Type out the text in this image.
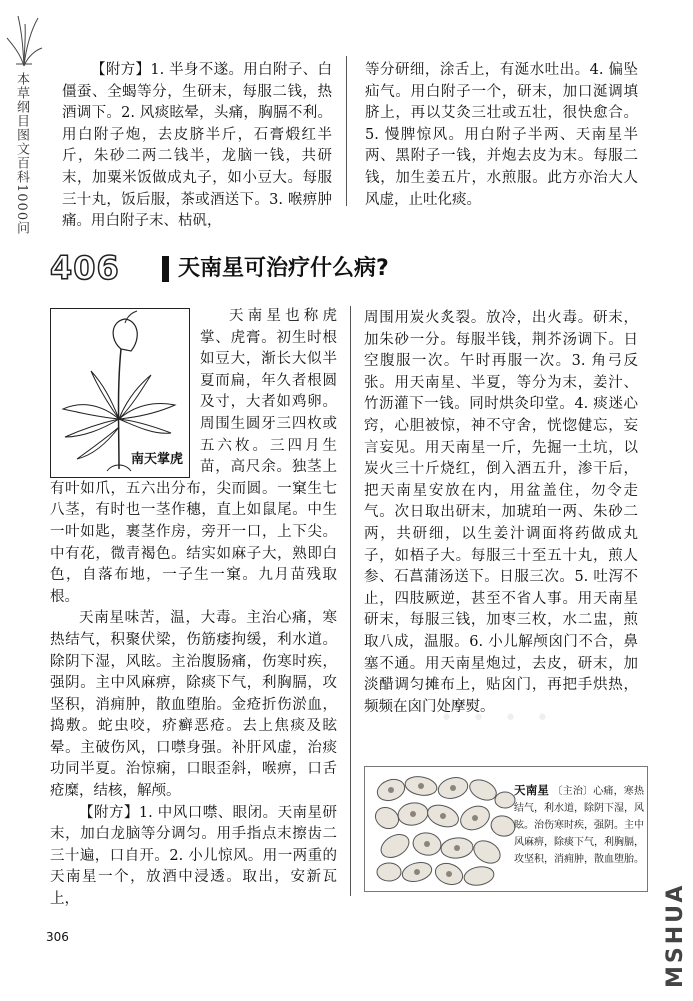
本草纲目图文百科1000问

【附方】1. 半身不遂。用白附子、白僵蚕、全蝎等分，生研末，每服二钱，热酒调下。2. 风痰眩晕，头痛，胸膈不利。用白附子炮，去皮脐半斤，石膏煅红半斤，朱砂二两二钱半，龙脑一钱，共研末，加粟米饭做成丸子，如小豆大。每服三十丸，饭后服，茶或酒送下。3. 喉痹肿痛。用白附子末、枯矾，

等分研细，涂舌上，有涎水吐出。4. 偏坠疝气。用白附子一个，研末，加口涎调填脐上，再以艾灸三壮或五壮，很快愈合。5. 慢脾惊风。用白附子半两、天南星半两、黑附子一钱，并炮去皮为末。每服二钱，加生姜五片，水煎服。此方亦治大人风虚，止吐化痰。

406	天南星可治疗什么病?

天南星也称虎掌、虎膏。初生时根如豆大，渐长大似半夏而扁，年久者根圆及寸，大者如鸡卵。周围生圆牙三四枚或五六枚。三四月生苗，高尺余。独茎上有叶如爪，五六出分布，尖而圆。一窠生七八茎，有时也一茎作穗，直上如鼠尾。中生一叶如匙，裹茎作房，旁开一口，上下尖。中有花，微青褐色。结实如麻子大，熟即白色，自落布地，一子生一窠。九月苗残取根。

天南星味苦，温，大毒。主治心痛，寒热结气，积聚伏梁，伤筋痿拘缓，利水道。除阴下湿，风眩。主治腹肠痛，伤寒时疾，强阴。主中风麻痹，除痰下气，利胸膈，攻坚积，消痈肿，散血堕胎。金疮折伤淤血，捣敷。蛇虫咬，疥癣恶疮。去上焦痰及眩晕。主破伤风，口噤身强。补肝风虚，治痰功同半夏。治惊痫，口眼歪斜，喉痹，口舌疮糜，结核，解颅。

【附方】1. 中风口噤、眼闭。天南星研末，加白龙脑等分调匀。用手指点末擦齿二三十遍，口自开。2. 小儿惊风。用一两重的天南星一个，放酒中浸透。取出，安新瓦上，

南天掌虎

周围用炭火炙裂。放冷，出火毒。研末，加朱砂一分。每服半钱，荆芥汤调下。日空腹服一次。午时再服一次。3. 角弓反张。用天南星、半夏，等分为末，姜汁、竹沥灌下一钱。同时烘灸印堂。4. 痰迷心窍，心胆被惊，神不守舍，恍惚健忘，妄言妄见。用天南星一斤，先掘一土坑，以炭火三十斤烧红，倒入酒五升，渗干后，把天南星安放在内，用盆盖住，勿令走气。次日取出研末，加琥珀一两、朱砂二两，共研细，以生姜汁调面将药做成丸子，如梧子大。每服三十至五十丸，煎人参、石菖蒲汤送下。日服三次。5. 吐泻不止，四肢厥逆，甚至不省人事。用天南星研末，每服三钱，加枣三枚，水二盅，煎取八成，温服。6. 小儿解颅囟门不合，鼻塞不通。用天南星炮过，去皮，研末，加淡醋调匀摊布上，贴囟门，再把手烘热，频频在囟门处摩熨。

• • • •
天南星 〔主治〕心痛，寒热结气，利水道，除阴下湿，风眩。治伤寒时疾，强阴。主中风麻痹，除痰下气，利胸膈，攻坚积，消痈肿，散血堕胎。
306	MSHUA
